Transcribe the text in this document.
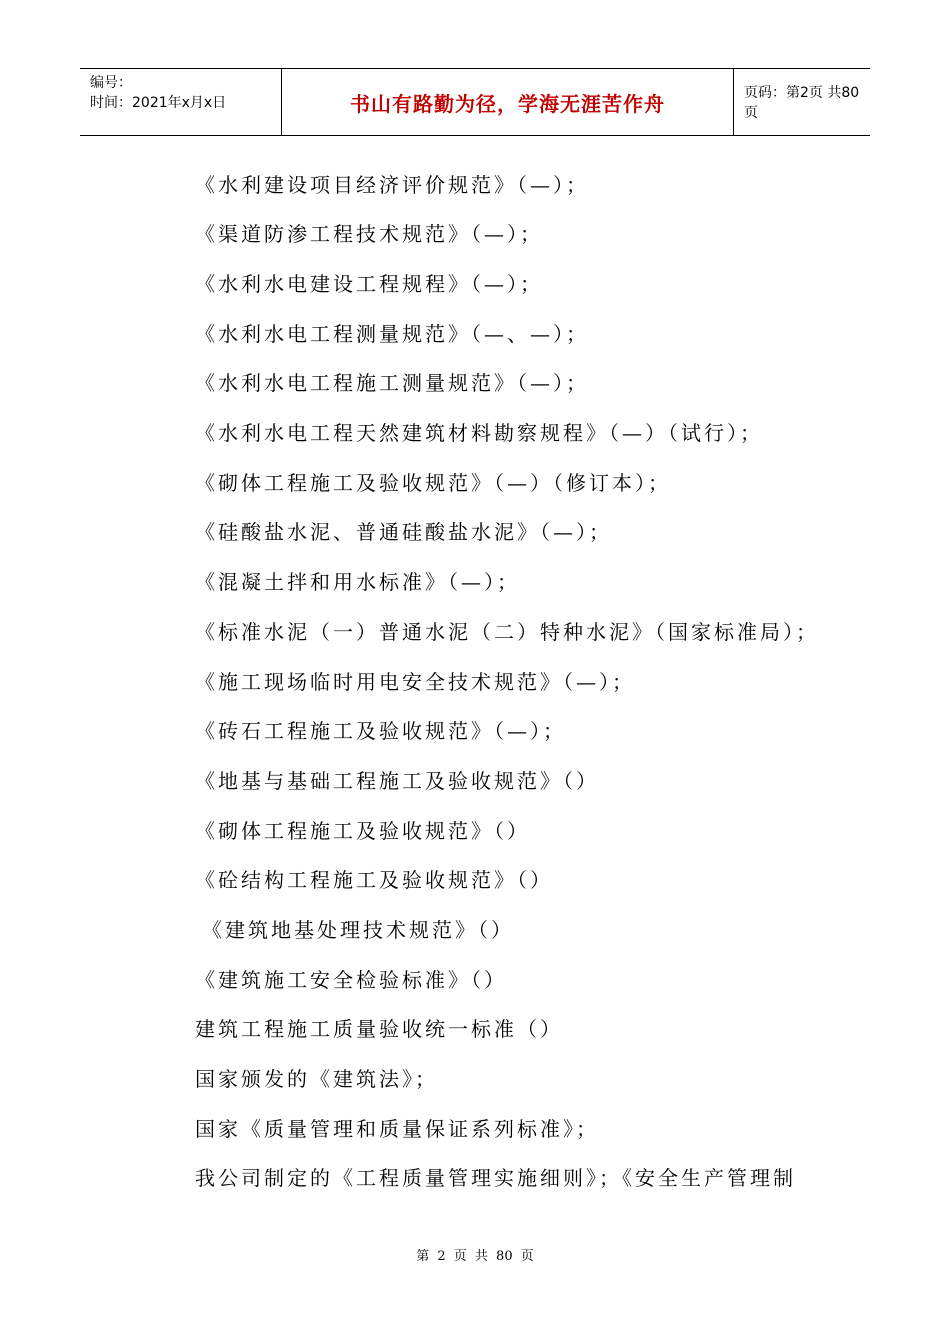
编号：
时间：2021年x月x日	书山有路勤为径，学海无涯苦作舟	页码：第2页 共80页
《水利建设项目经济评价规范》（—）；
《渠道防渗工程技术规范》（—）；
《水利水电建设工程规程》（—）；
《水利水电工程测量规范》（—、—）；
《水利水电工程施工测量规范》（—）；
《水利水电工程天然建筑材料勘察规程》（—）（试行）；
《砌体工程施工及验收规范》（—）（修订本）；
《硅酸盐水泥、普通硅酸盐水泥》（—）；
《混凝土拌和用水标准》（—）；
《标准水泥（一）普通水泥（二）特种水泥》（国家标准局）；
《施工现场临时用电安全技术规范》（—）；
《砖石工程施工及验收规范》（—）；
《地基与基础工程施工及验收规范》（）
《砌体工程施工及验收规范》（）
《砼结构工程施工及验收规范》（）
《建筑地基处理技术规范》（）
《建筑施工安全检验标准》（）
建筑工程施工质量验收统一标准（）
国家颁发的《建筑法》；
国家《质量管理和质量保证系列标准》；
我公司制定的《工程质量管理实施细则》；《安全生产管理制
第 2 页 共 80 页
